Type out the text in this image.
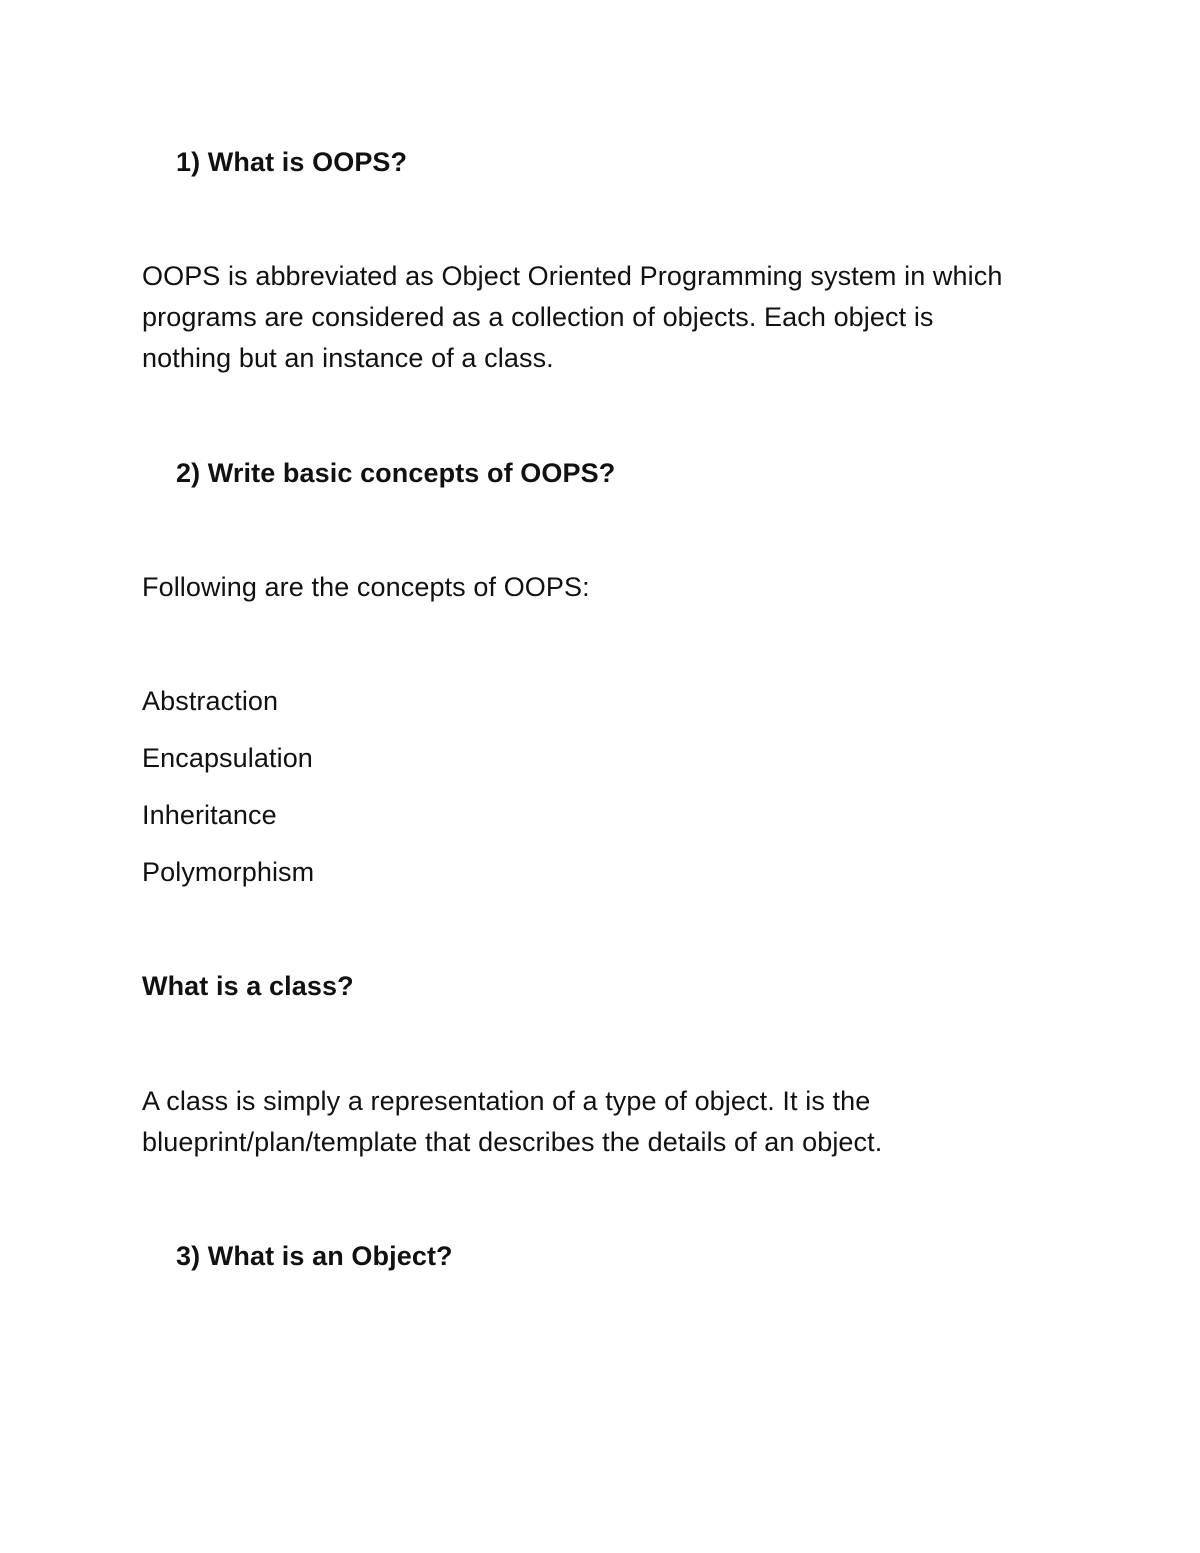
1) What is OOPS?
OOPS is abbreviated as Object Oriented Programming system in which
programs are considered as a collection of objects. Each object is
nothing but an instance of a class.
2) Write basic concepts of OOPS?
Following are the concepts of OOPS:
Abstraction
Encapsulation
Inheritance
Polymorphism
What is a class?
A class is simply a representation of a type of object. It is the
blueprint/plan/template that describes the details of an object.
3) What is an Object?
